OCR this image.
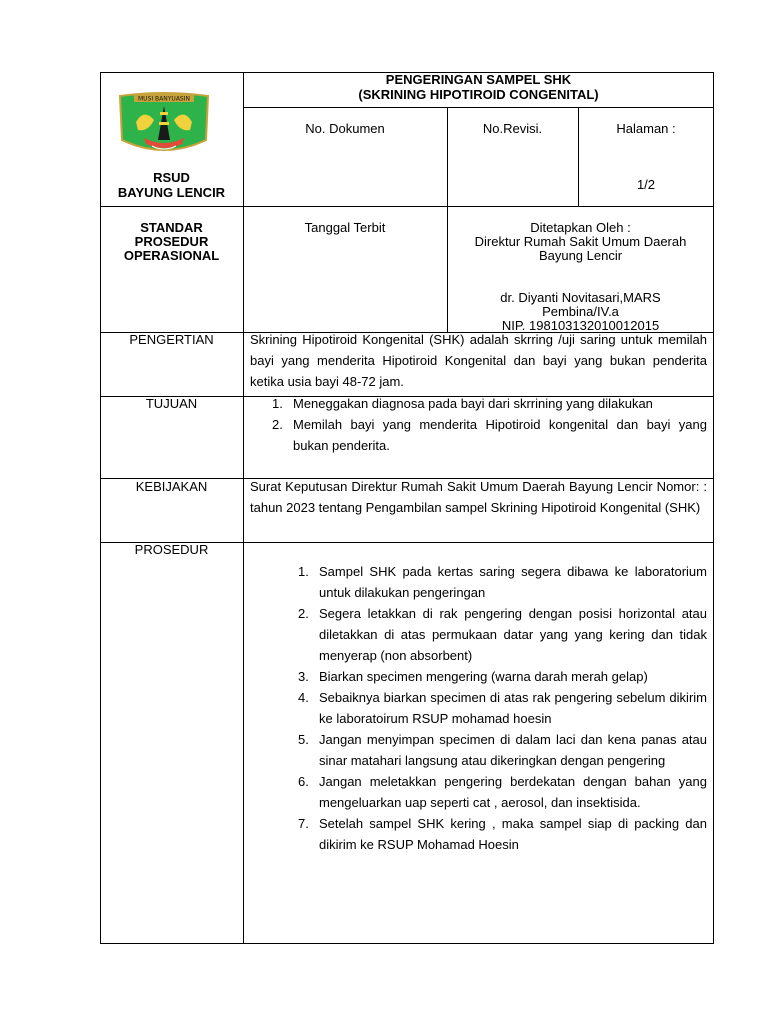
MUSI BANYUASIN
PENGERINGAN SAMPEL SHK
(SKRINING HIPOTIROID CONGENITAL)
No. Dokumen	No.Revisi.	Halaman :
1/2
RSUD
BAYUNG LENCIR
STANDAR
PROSEDUR
OPERASIONAL
Tanggal Terbit	Ditetapkan Oleh :
Direktur Rumah Sakit Umum Daerah
Bayung Lencir
dr. Diyanti Novitasari,MARS
Pembina/IV.a
NIP. 198103132010012015
PENGERTIAN	Skrining Hipotiroid Kongenital (SHK) adalah skrring /uji saring untuk memilah bayi yang menderita Hipotiroid Kongenital dan bayi yang bukan penderita ketika usia bayi 48-72 jam.
TUJUAN	1. Meneggakan diagnosa pada bayi dari skrrining yang dilakukan
2. Memilah bayi yang menderita Hipotiroid kongenital dan bayi yang bukan penderita.
KEBIJAKAN	Surat Keputusan Direktur Rumah Sakit Umum Daerah Bayung Lencir Nomor: : tahun 2023 tentang Pengambilan sampel Skrining Hipotiroid Kongenital (SHK)
PROSEDUR
1. Sampel SHK pada kertas saring segera dibawa ke laboratorium untuk dilakukan pengeringan
2. Segera letakkan di rak pengering dengan posisi horizontal atau diletakkan di atas permukaan datar yang yang kering dan tidak menyerap (non absorbent)
3. Biarkan specimen mengering (warna darah merah gelap)
4. Sebaiknya biarkan specimen di atas rak pengering sebelum dikirim ke laboratoirum RSUP mohamad hoesin
5. Jangan menyimpan specimen di dalam laci dan kena panas atau sinar matahari langsung atau dikeringkan dengan pengering
6. Jangan meletakkan pengering berdekatan dengan bahan yang mengeluarkan uap seperti cat , aerosol, dan insektisida.
7. Setelah sampel SHK kering , maka sampel siap di packing dan dikirim ke RSUP Mohamad Hoesin
